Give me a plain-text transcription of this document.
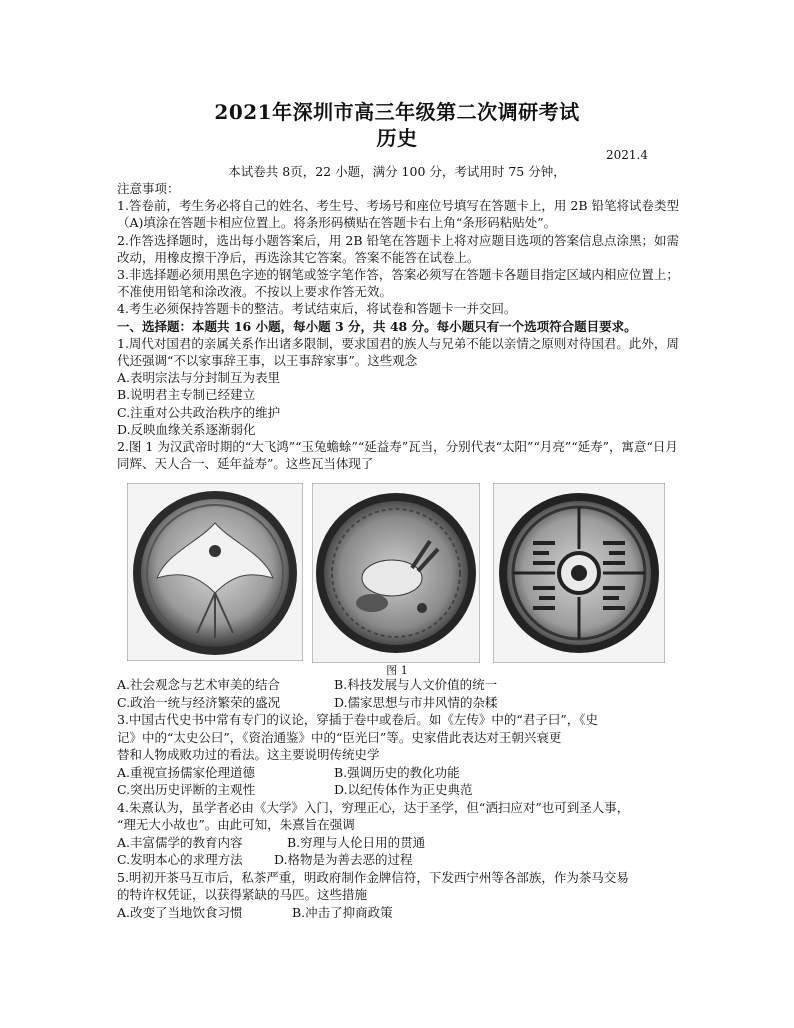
2021年深圳市高三年级第二次调研考试
历史
2021.4
本试卷共 8页，22 小题，满分 100 分，考试用时 75 分钟，

注意事项：

1.答卷前，考生务必将自己的姓名、考生号、考场号和座位号填写在答题卡上，用 2B 铅笔将试卷类型（A)填涂在答题卡相应位置上。将条形码横贴在答题卡右上角“条形码粘贴处”。

2.作答选择题时，选出每小题答案后，用 2B 铅笔在答题卡上将对应题目选项的答案信息点涂黑；如需改动，用橡皮擦干净后，再选涂其它答案。答案不能答在试卷上。

3.非选择题必须用黑色字迹的钢笔或签字笔作答，答案必须写在答题卡各题目指定区域内相应位置上；不准使用铅笔和涂改液。不按以上要求作答无效。

4.考生必须保持答题卡的整洁。考试结束后，将试卷和答题卡一并交回。

一、选择题：本题共 16 小题，每小题 3 分，共 48 分。每小题只有一个选项符合题目要求。

1.周代对国君的亲属关系作出诸多限制，要求国君的族人与兄弟不能以亲情之原则对待国君。此外，周代还强调“不以家事辞王事，以王事辞家事”。这些观念

A.表明宗法与分封制互为表里

B.说明君主专制已经建立

C.注重对公共政治秩序的维护

D.反映血缘关系逐渐弱化

2.图 1 为汉武帝时期的“大飞鸿”“玉兔蟾蜍”“延益寿”瓦当，分别代表“太阳”“月亮”“延寿”，寓意“日月同辉、天人合一、延年益寿”。这些瓦当体现了

图 1

A.社会观念与艺术审美的结合	B.科技发展与人文价值的统一

C.政治一统与经济繁荣的盛况	D.儒家思想与市井风情的杂糅

3.中国古代史书中常有专门的议论，穿插于卷中或卷后。如《左传》中的“君子曰”，《史

记》中的“太史公曰”，《资治通鉴》中的“臣光曰”等。史家借此表达对王朝兴衰更

替和人物成败功过的看法。这主要说明传统史学

A.重视宣扬儒家伦理道德	B.强调历史的教化功能

C.突出历史评断的主观性	D.以纪传体作为正史典范

4.朱熹认为，虽学者必由《大学》入门，穷理正心，达于圣学，但“洒扫应对”也可到圣人事，

“理无大小故也”。由此可知，朱熹旨在强调

A.丰富儒学的教育内容	B.穷理与人伦日用的贯通

C.发明本心的求理方法	D.格物是为善去恶的过程

5.明初开茶马互市后，私茶严重，明政府制作金牌信符，下发西宁州等各部族，作为茶马交易

的特许权凭证，以获得紧缺的马匹。这些措施

A.改变了当地饮食习惯	B.冲击了抑商政策
